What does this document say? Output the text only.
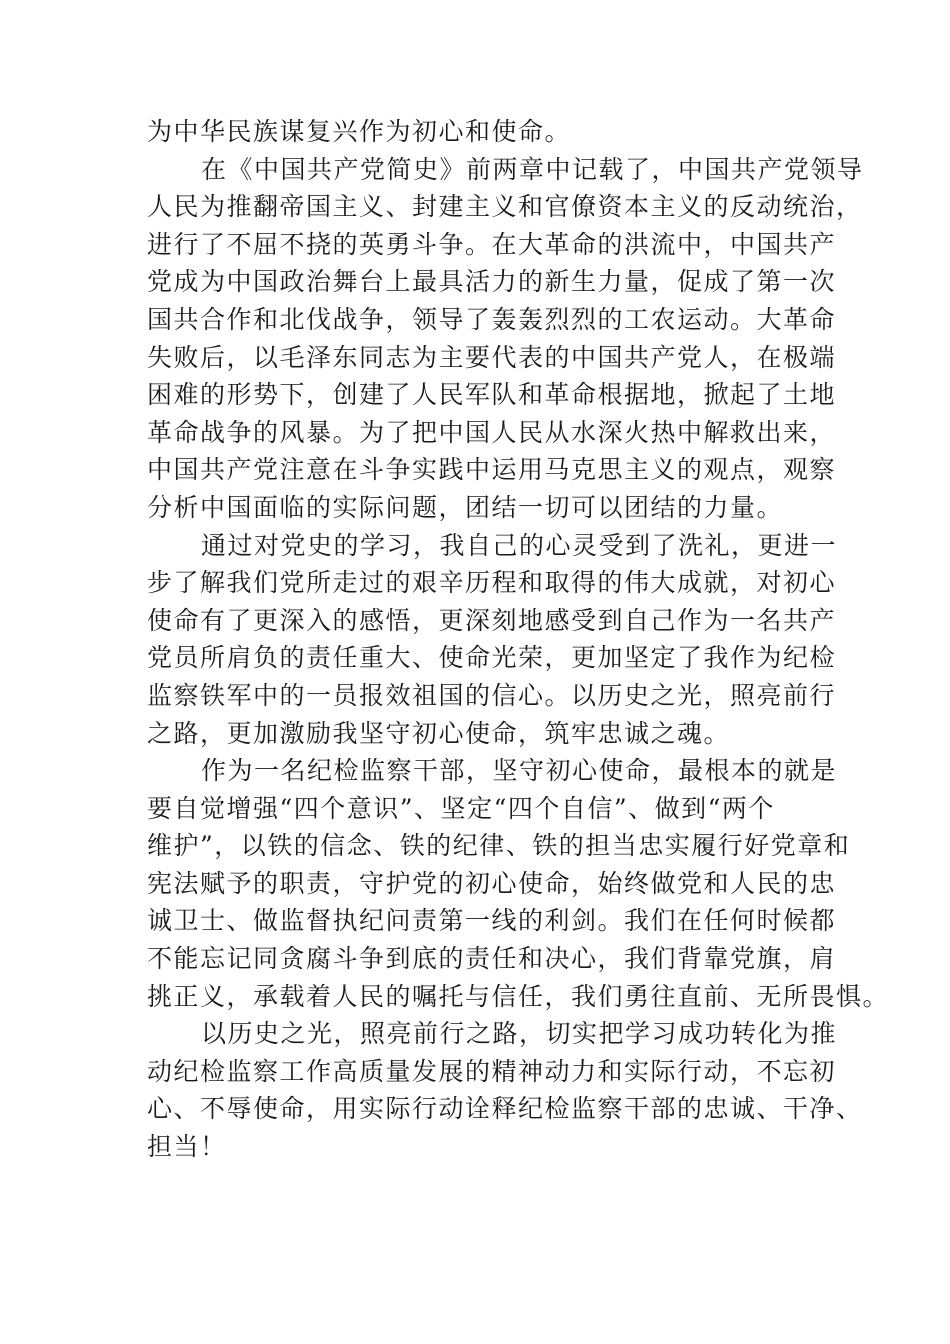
为中华民族谋复兴作为初心和使命。
在《中国共产党简史》前两章中记载了，中国共产党领导
人民为推翻帝国主义、封建主义和官僚资本主义的反动统治，
进行了不屈不挠的英勇斗争。在大革命的洪流中，中国共产
党成为中国政治舞台上最具活力的新生力量，促成了第一次
国共合作和北伐战争，领导了轰轰烈烈的工农运动。大革命
失败后，以毛泽东同志为主要代表的中国共产党人，在极端
困难的形势下，创建了人民军队和革命根据地，掀起了土地
革命战争的风暴。为了把中国人民从水深火热中解救出来，
中国共产党注意在斗争实践中运用马克思主义的观点，观察
分析中国面临的实际问题，团结一切可以团结的力量。
通过对党史的学习，我自己的心灵受到了洗礼，更进一
步了解我们党所走过的艰辛历程和取得的伟大成就，对初心
使命有了更深入的感悟，更深刻地感受到自己作为一名共产
党员所肩负的责任重大、使命光荣，更加坚定了我作为纪检
监察铁军中的一员报效祖国的信心。以历史之光，照亮前行
之路，更加激励我坚守初心使命，筑牢忠诚之魂。
作为一名纪检监察干部，坚守初心使命，最根本的就是
要自觉增强“四个意识”、坚定“四个自信”、做到“两个
维护”，以铁的信念、铁的纪律、铁的担当忠实履行好党章和
宪法赋予的职责，守护党的初心使命，始终做党和人民的忠
诚卫士、做监督执纪问责第一线的利剑。我们在任何时候都
不能忘记同贪腐斗争到底的责任和决心，我们背靠党旗，肩
挑正义，承载着人民的嘱托与信任，我们勇往直前、无所畏惧。
以历史之光，照亮前行之路，切实把学习成功转化为推
动纪检监察工作高质量发展的精神动力和实际行动，不忘初
心、不辱使命，用实际行动诠释纪检监察干部的忠诚、干净、
担当！
